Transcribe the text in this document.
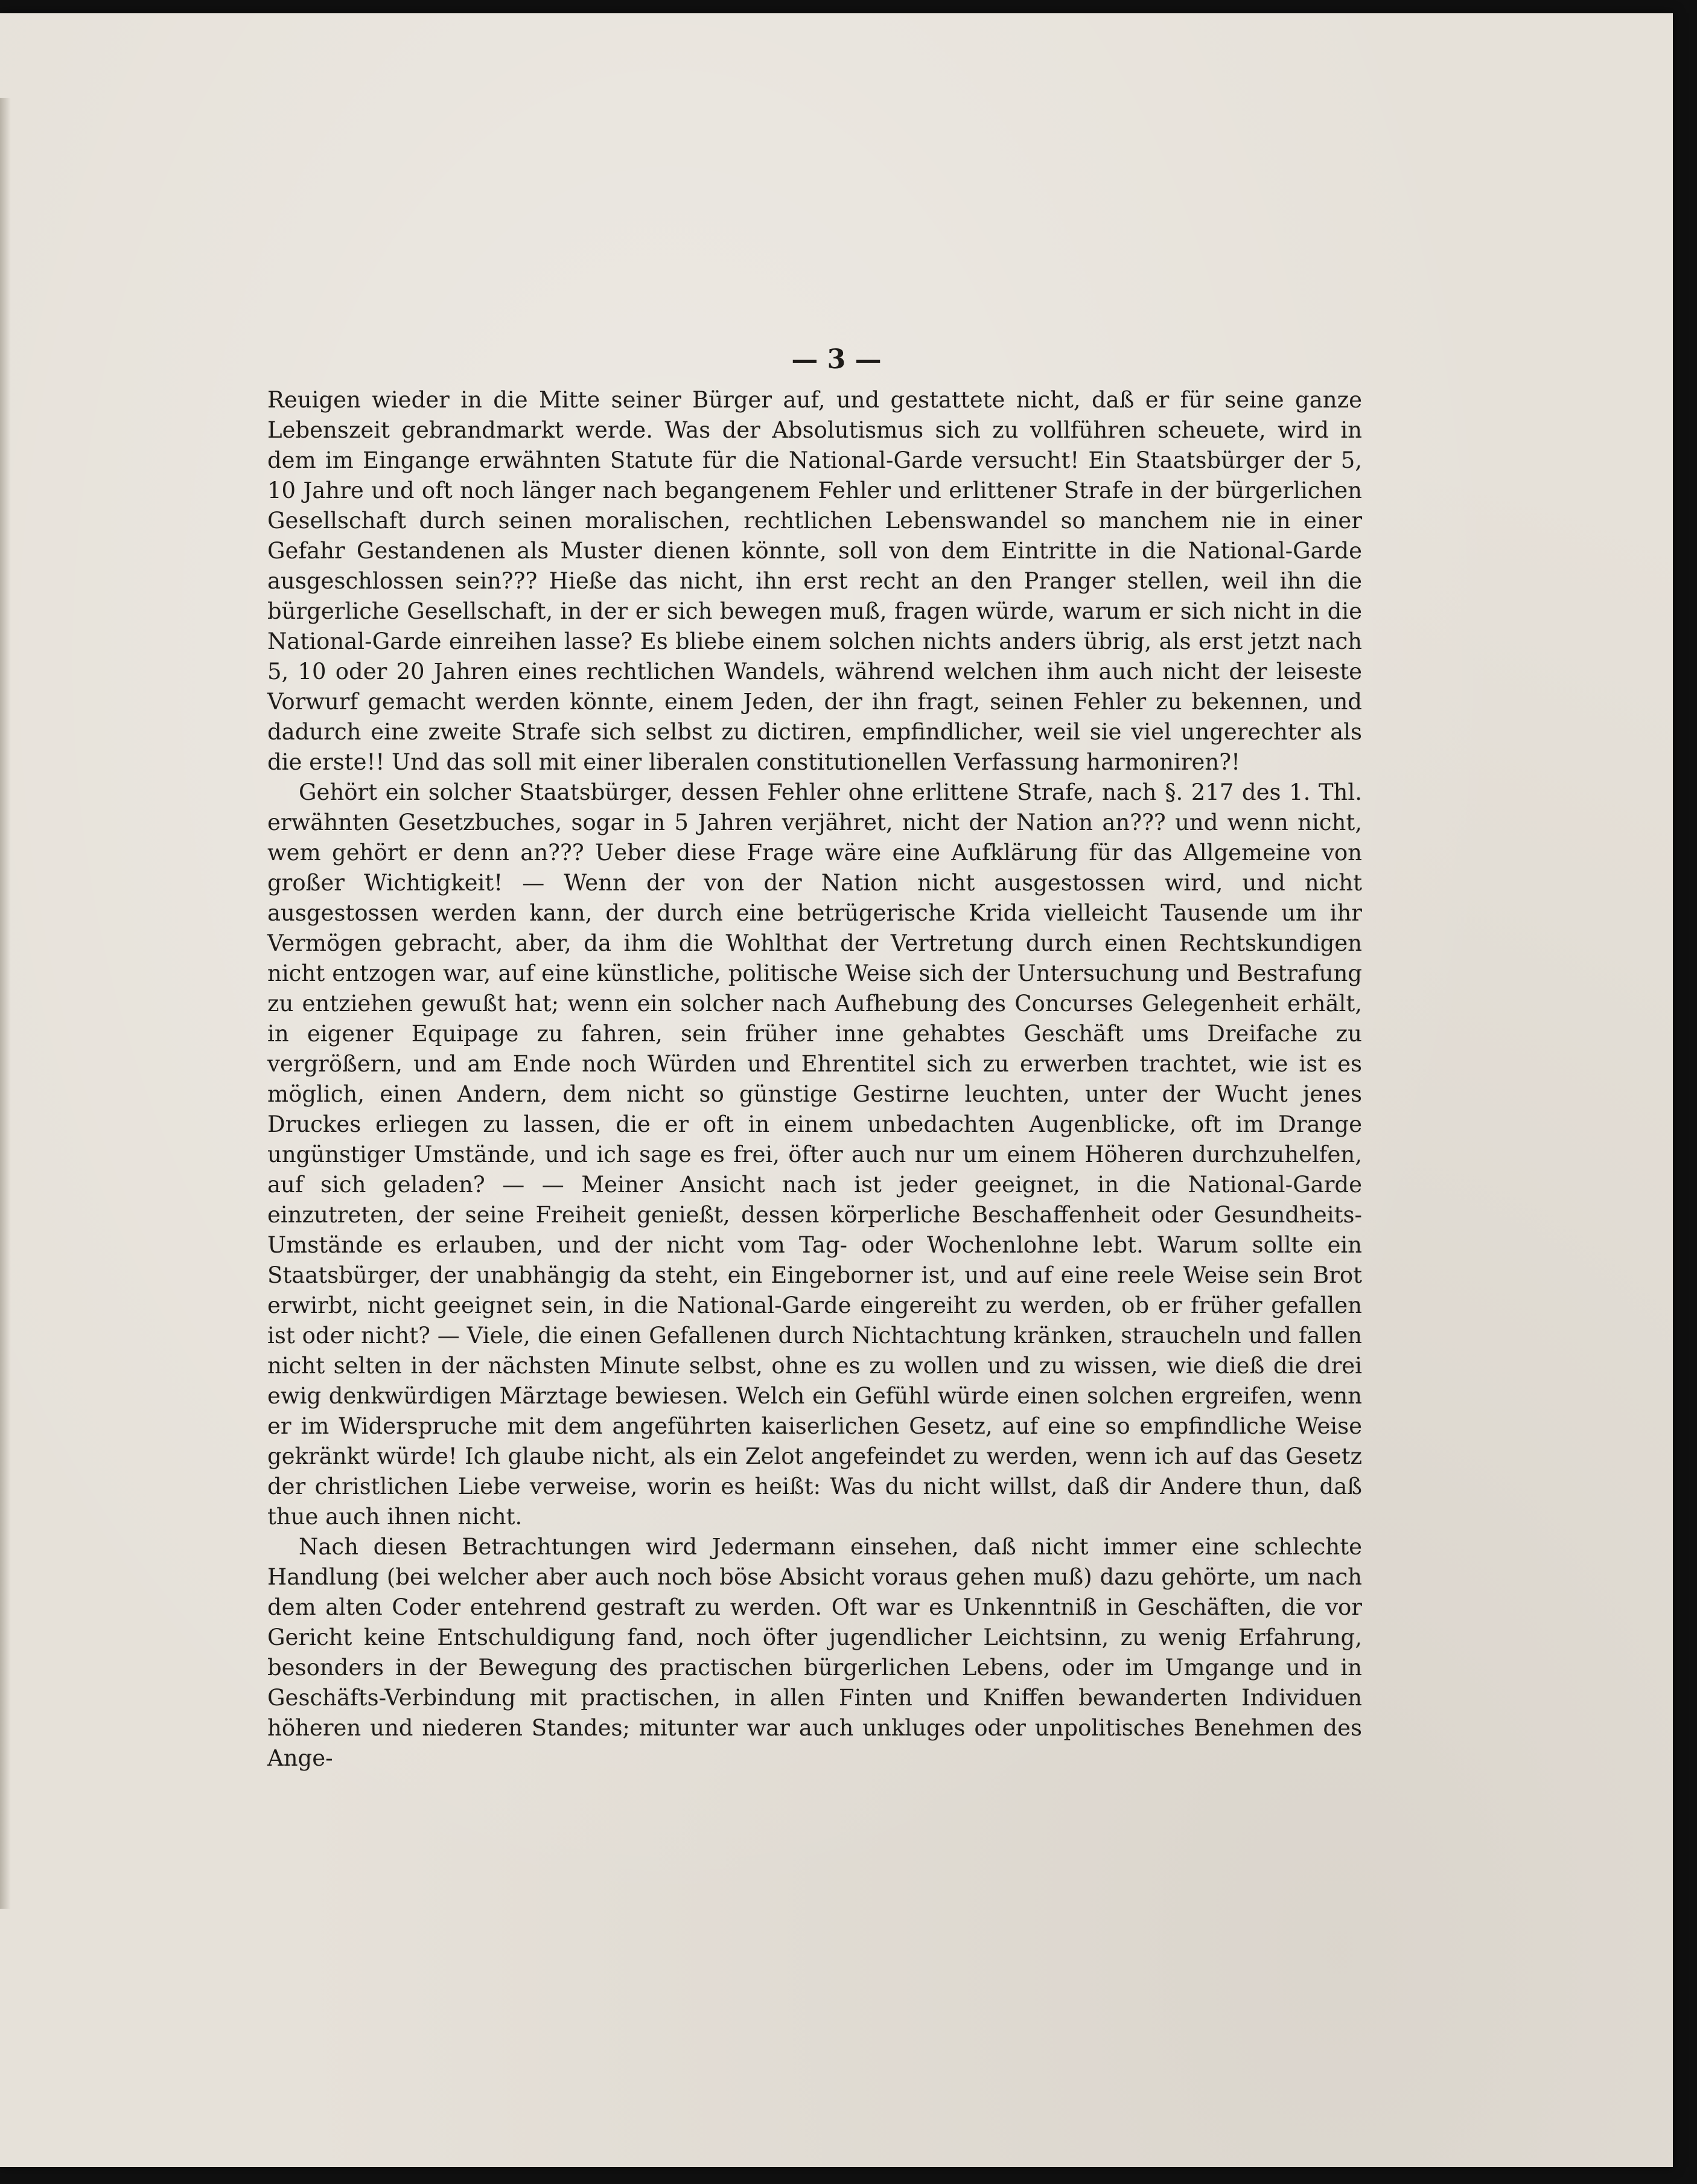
— 3 —

Reuigen wieder in die Mitte seiner Bürger auf, und gestattete nicht, daß er für seine ganze Lebenszeit gebrandmarkt werde. Was der Absolutismus sich zu vollführen scheuete, wird in dem im Eingange erwähnten Statute für die National-Garde versucht! Ein Staatsbürger der 5, 10 Jahre und oft noch länger nach begangenem Fehler und erlittener Strafe in der bürgerlichen Gesellschaft durch seinen moralischen, rechtlichen Lebenswandel so manchem nie in einer Gefahr Gestandenen als Muster dienen könnte, soll von dem Eintritte in die National-Garde ausgeschlossen sein??? Hieße das nicht, ihn erst recht an den Pranger stellen, weil ihn die bürgerliche Gesellschaft, in der er sich bewegen muß, fragen würde, warum er sich nicht in die National-Garde einreihen lasse? Es bliebe einem solchen nichts anders übrig, als erst jetzt nach 5, 10 oder 20 Jahren eines rechtlichen Wandels, während welchen ihm auch nicht der leiseste Vorwurf gemacht werden könnte, einem Jeden, der ihn fragt, seinen Fehler zu bekennen, und dadurch eine zweite Strafe sich selbst zu dictiren, empfindlicher, weil sie viel ungerechter als die erste!! Und das soll mit einer liberalen constitutionellen Verfassung harmoniren?!

Gehört ein solcher Staatsbürger, dessen Fehler ohne erlittene Strafe, nach §. 217 des 1. Thl. erwähnten Gesetzbuches, sogar in 5 Jahren verjähret, nicht der Nation an??? und wenn nicht, wem gehört er denn an??? Ueber diese Frage wäre eine Aufklärung für das Allgemeine von großer Wichtigkeit! — Wenn der von der Nation nicht ausgestossen wird, und nicht ausgestossen werden kann, der durch eine betrügerische Krida vielleicht Tausende um ihr Vermögen gebracht, aber, da ihm die Wohlthat der Vertretung durch einen Rechtskundigen nicht entzogen war, auf eine künstliche, politische Weise sich der Untersuchung und Bestrafung zu entziehen gewußt hat; wenn ein solcher nach Aufhebung des Concurses Gelegenheit erhält, in eigener Equipage zu fahren, sein früher inne gehabtes Geschäft ums Dreifache zu vergrößern, und am Ende noch Würden und Ehrentitel sich zu erwerben trachtet, wie ist es möglich, einen Andern, dem nicht so günstige Gestirne leuchten, unter der Wucht jenes Druckes erliegen zu lassen, die er oft in einem unbedachten Augenblicke, oft im Drange ungünstiger Umstände, und ich sage es frei, öfter auch nur um einem Höheren durchzuhelfen, auf sich geladen? — — Meiner Ansicht nach ist jeder geeignet, in die National-Garde einzutreten, der seine Freiheit genießt, dessen körperliche Beschaffenheit oder Gesundheits-Umstände es erlauben, und der nicht vom Tag- oder Wochenlohne lebt. Warum sollte ein Staatsbürger, der unabhängig da steht, ein Eingeborner ist, und auf eine reele Weise sein Brot erwirbt, nicht geeignet sein, in die National-Garde eingereiht zu werden, ob er früher gefallen ist oder nicht? — Viele, die einen Gefallenen durch Nichtachtung kränken, straucheln und fallen nicht selten in der nächsten Minute selbst, ohne es zu wollen und zu wissen, wie dieß die drei ewig denkwürdigen Märztage bewiesen. Welch ein Gefühl würde einen solchen ergreifen, wenn er im Widerspruche mit dem angeführten kaiserlichen Gesetz, auf eine so empfindliche Weise gekränkt würde! Ich glaube nicht, als ein Zelot angefeindet zu werden, wenn ich auf das Gesetz der christlichen Liebe verweise, worin es heißt: Was du nicht willst, daß dir Andere thun, daß thue auch ihnen nicht.

Nach diesen Betrachtungen wird Jedermann einsehen, daß nicht immer eine schlechte Handlung (bei welcher aber auch noch böse Absicht voraus gehen muß) dazu gehörte, um nach dem alten Coder entehrend gestraft zu werden. Oft war es Unkenntniß in Geschäften, die vor Gericht keine Entschuldigung fand, noch öfter jugendlicher Leichtsinn, zu wenig Erfahrung, besonders in der Bewegung des practischen bürgerlichen Lebens, oder im Umgange und in Geschäfts-Verbindung mit practischen, in allen Finten und Kniffen bewanderten Individuen höheren und niederen Standes; mitunter war auch unkluges oder unpolitisches Benehmen des Ange-
